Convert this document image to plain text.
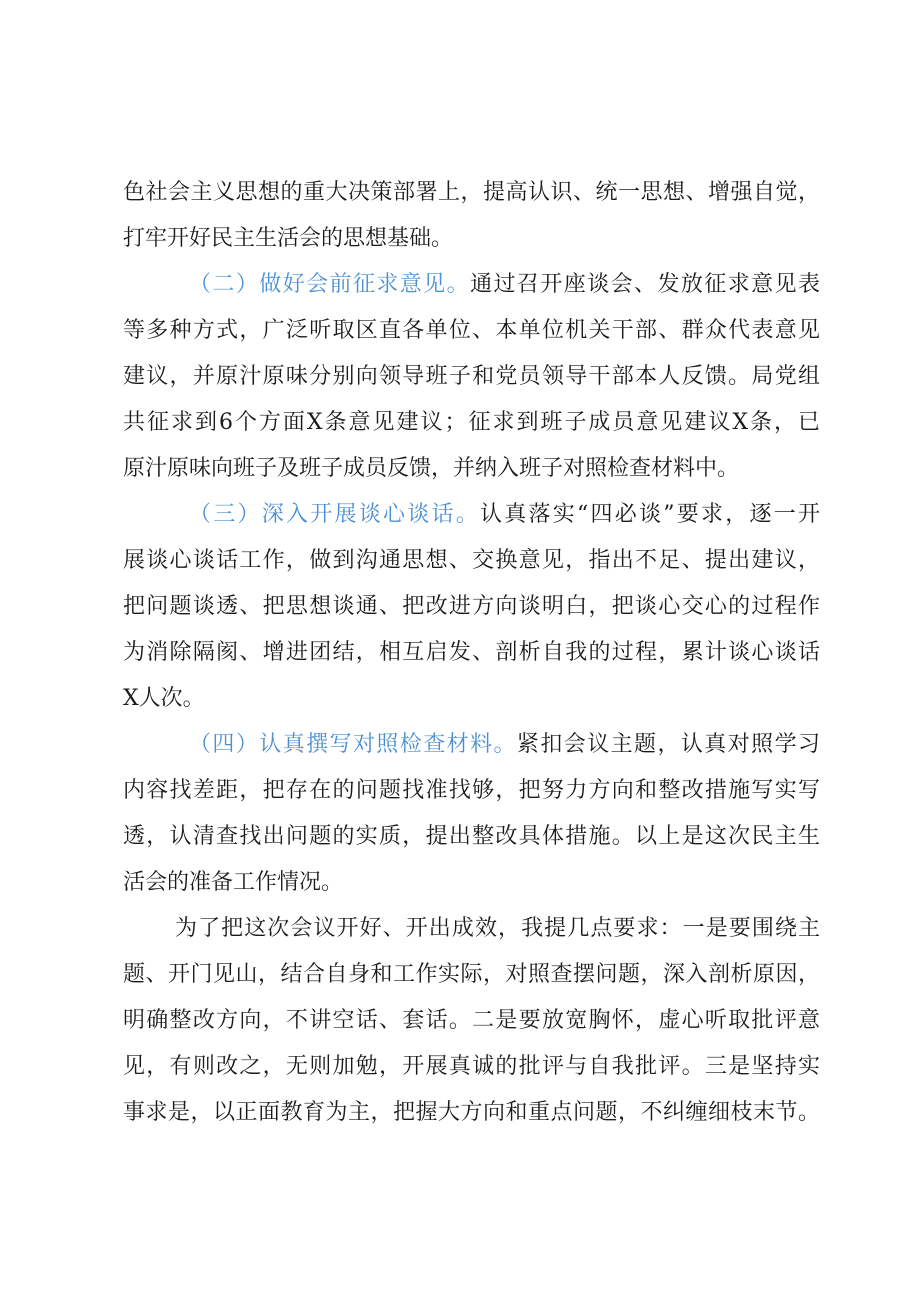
色社会主义思想的重大决策部署上，提高认识、统一思想、增强自觉，
打牢开好民主生活会的思想基础。
（二）做好会前征求意见。通过召开座谈会、发放征求意见表
等多种方式，广泛听取区直各单位、本单位机关干部、群众代表意见
建议，并原汁原味分别向领导班子和党员领导干部本人反馈。局党组
共征求到6个方面X条意见建议；征求到班子成员意见建议X条，已
原汁原味向班子及班子成员反馈，并纳入班子对照检查材料中。
（三）深入开展谈心谈话。认真落实“四必谈”要求，逐一开
展谈心谈话工作，做到沟通思想、交换意见，指出不足、提出建议，
把问题谈透、把思想谈通、把改进方向谈明白，把谈心交心的过程作
为消除隔阂、增进团结，相互启发、剖析自我的过程，累计谈心谈话
X人次。
（四）认真撰写对照检查材料。紧扣会议主题，认真对照学习
内容找差距，把存在的问题找准找够，把努力方向和整改措施写实写
透，认清查找出问题的实质，提出整改具体措施。以上是这次民主生
活会的准备工作情况。
为了把这次会议开好、开出成效，我提几点要求：一是要围绕主
题、开门见山，结合自身和工作实际，对照查摆问题，深入剖析原因，
明确整改方向，不讲空话、套话。二是要放宽胸怀，虚心听取批评意
见，有则改之，无则加勉，开展真诚的批评与自我批评。三是坚持实
事求是，以正面教育为主，把握大方向和重点问题，不纠缠细枝末节。
